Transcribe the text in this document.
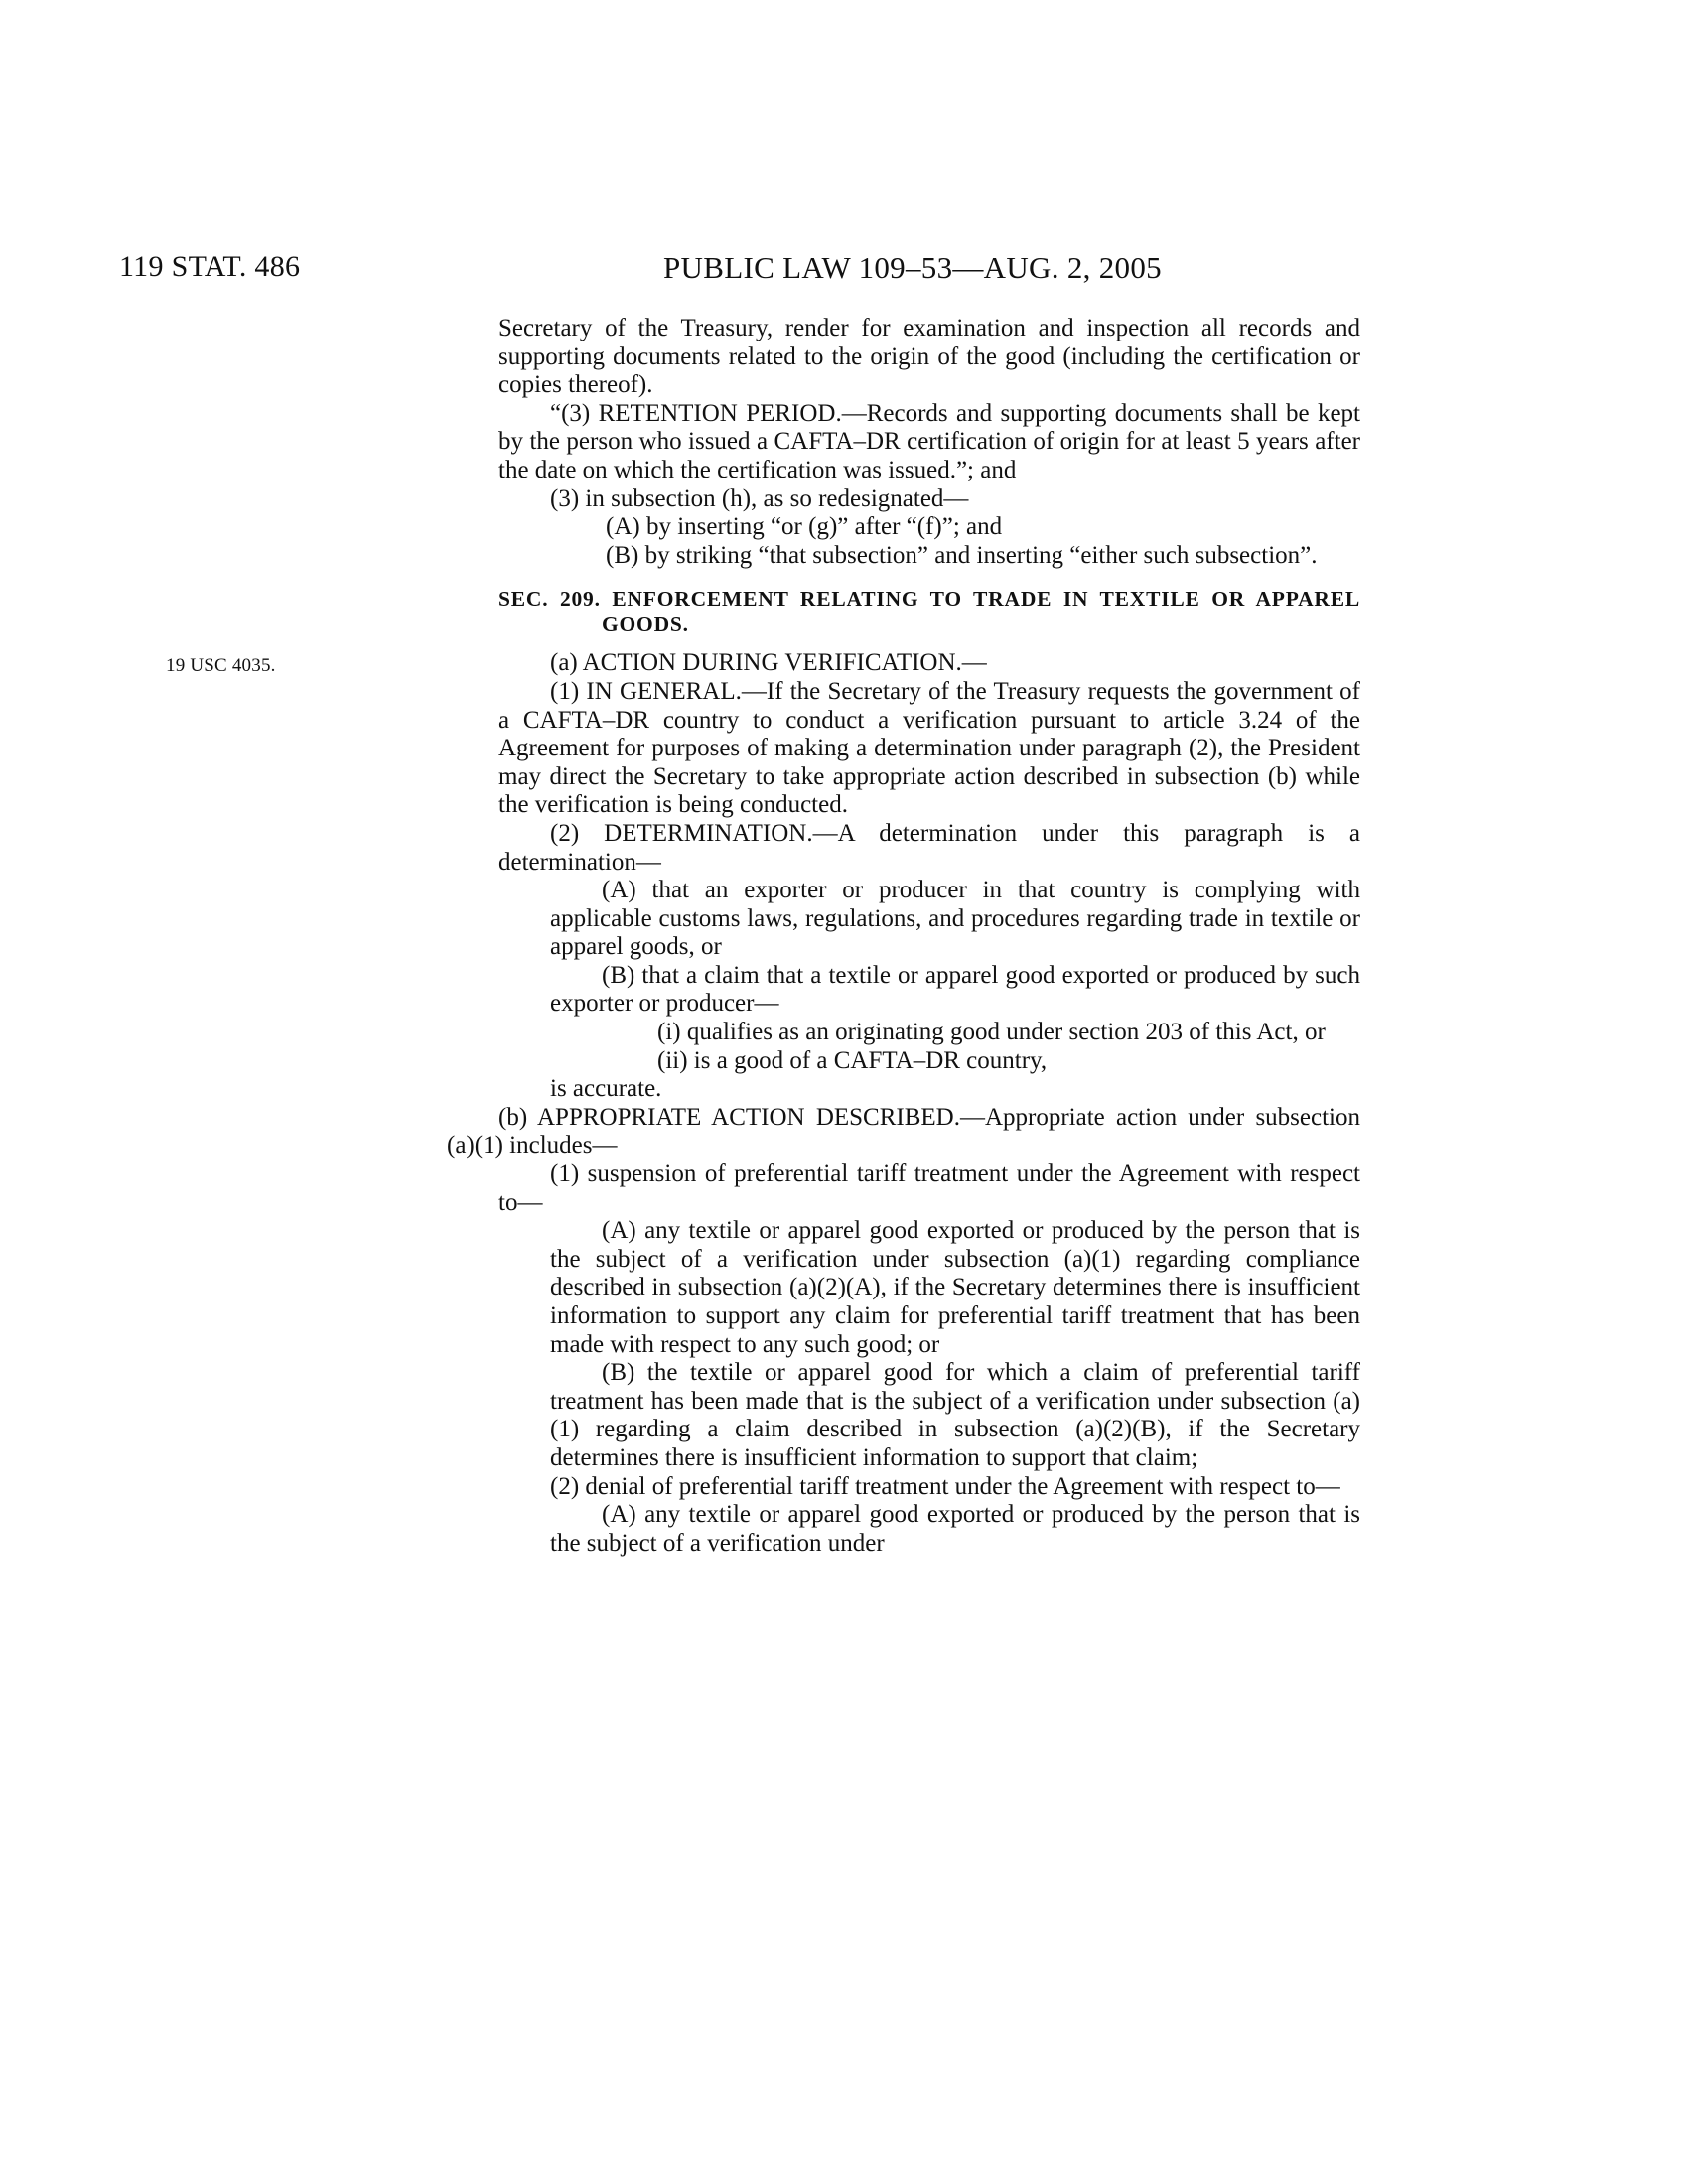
119 STAT. 486	PUBLIC LAW 109–53—AUG. 2, 2005
19 USC 4035.

Secretary of the Treasury, render for examination and inspection all records and supporting documents related to the origin of the good (including the certification or copies thereof).

“(3) RETENTION PERIOD.—Records and supporting documents shall be kept by the person who issued a CAFTA–DR certification of origin for at least 5 years after the date on which the certification was issued.”; and

(3) in subsection (h), as so redesignated—

(A) by inserting “or (g)” after “(f)”; and

(B) by striking “that subsection” and inserting “either such subsection”.

SEC. 209. ENFORCEMENT RELATING TO TRADE IN TEXTILE OR APPAREL GOODS.

(a) ACTION DURING VERIFICATION.—

(1) IN GENERAL.—If the Secretary of the Treasury requests the government of a CAFTA–DR country to conduct a verification pursuant to article 3.24 of the Agreement for purposes of making a determination under paragraph (2), the President may direct the Secretary to take appropriate action described in subsection (b) while the verification is being conducted.

(2) DETERMINATION.—A determination under this paragraph is a determination—

(A) that an exporter or producer in that country is complying with applicable customs laws, regulations, and procedures regarding trade in textile or apparel goods, or

(B) that a claim that a textile or apparel good exported or produced by such exporter or producer—

(i) qualifies as an originating good under section 203 of this Act, or

(ii) is a good of a CAFTA–DR country,

is accurate.

(b) APPROPRIATE ACTION DESCRIBED.—Appropriate action under subsection (a)(1) includes—

(1) suspension of preferential tariff treatment under the Agreement with respect to—

(A) any textile or apparel good exported or produced by the person that is the subject of a verification under subsection (a)(1) regarding compliance described in subsection (a)(2)(A), if the Secretary determines there is insufficient information to support any claim for preferential tariff treatment that has been made with respect to any such good; or

(B) the textile or apparel good for which a claim of preferential tariff treatment has been made that is the subject of a verification under subsection (a)(1) regarding a claim described in subsection (a)(2)(B), if the Secretary determines there is insufficient information to support that claim;

(2) denial of preferential tariff treatment under the Agreement with respect to—

(A) any textile or apparel good exported or produced by the person that is the subject of a verification under
